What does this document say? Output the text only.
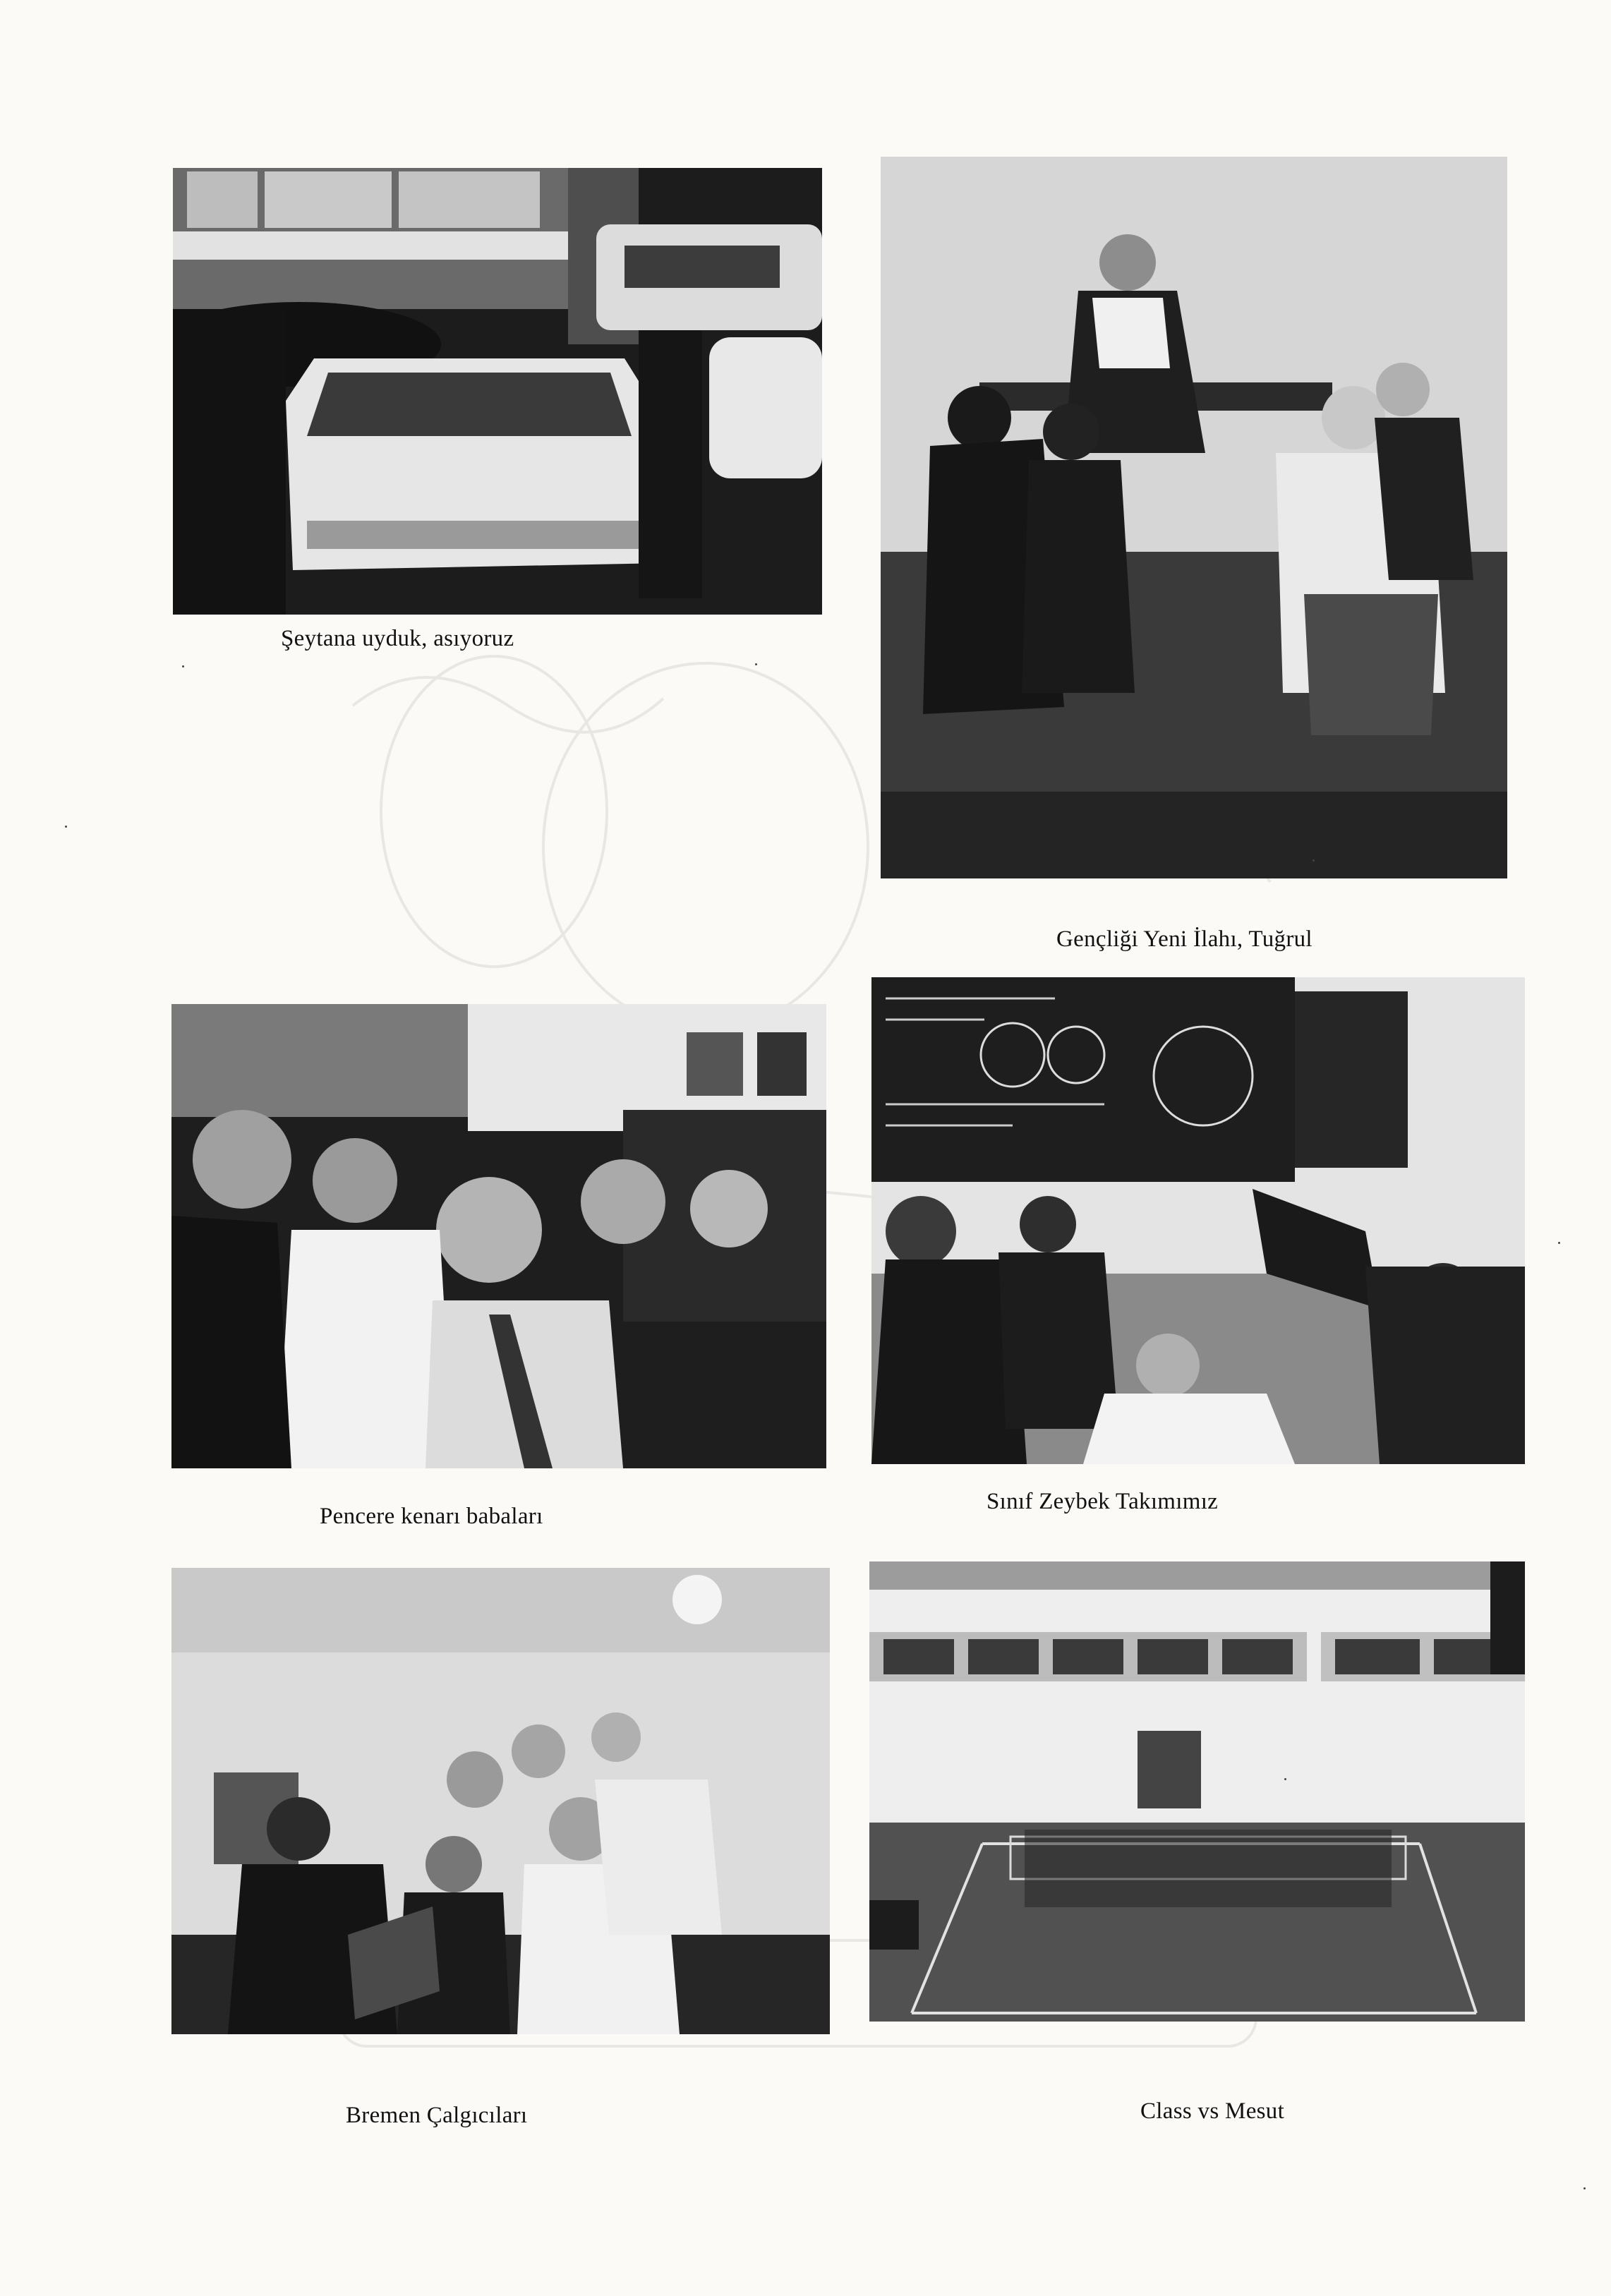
Şeytana uyduk, asıyoruz
Gençliği Yeni İlahı, Tuğrul
Pencere kenarı babaları
Sınıf Zeybek Takımımız
Bremen Çalgıcıları	Class vs Mesut
